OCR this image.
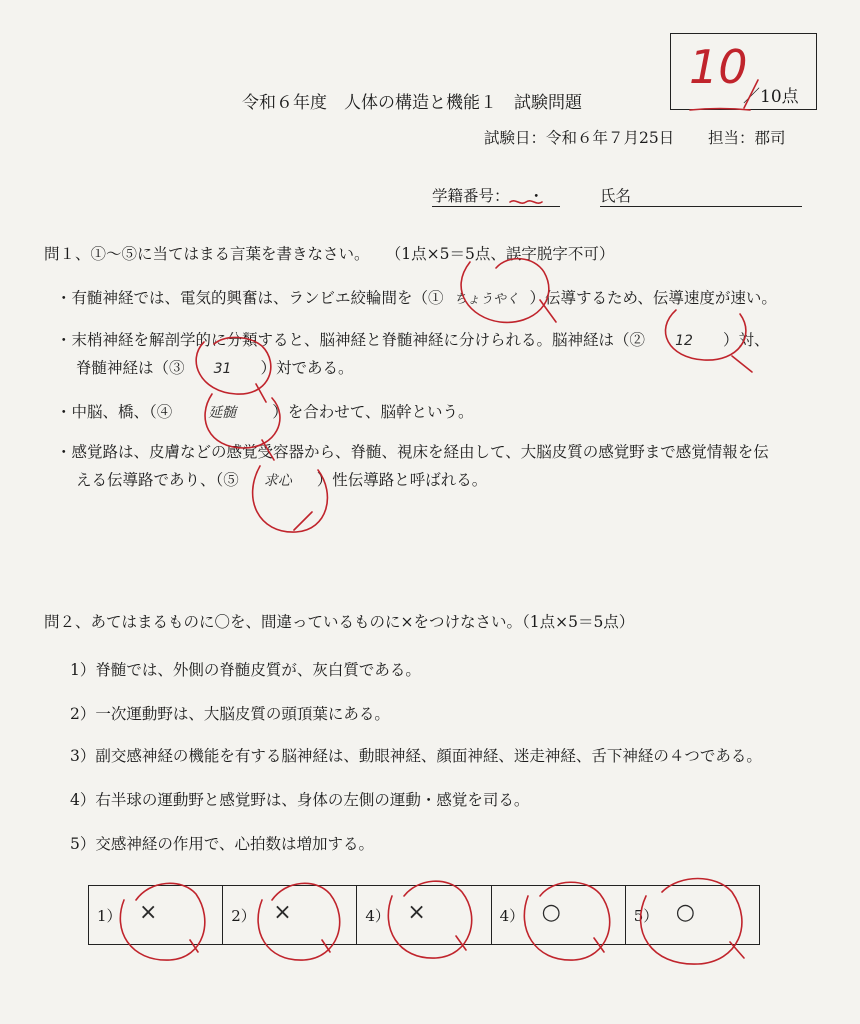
10
／10点
令和６年度　人体の構造と機能１　試験問題
試験日：令和６年７月25日 担当：郡司
学籍番号： ・	氏名
問１、①～⑤に当てはまる言葉を書きなさい。 （1点×5＝5点、誤字脱字不可）
・有髄神経では、電気的興奮は、ランビエ絞輪間を（① ちょうやく ）伝導するため、伝導速度が速い。
・末梢神経を解剖学的に分類すると、脳神経と脊髄神経に分けられる。脳神経は（② 12 ）対、
脊髄神経は（③ 31 ）対である。
・中脳、橋、（④	延髄 ）を合わせて、脳幹という。
・感覚路は、皮膚などの感覚受容器から、脊髄、視床を経由して、大脳皮質の感覚野まで感覚情報を伝
える伝導路であり、（⑤ 求心 ）性伝導路と呼ばれる。
問２、あてはまるものに〇を、間違っているものに×をつけなさい。（1点×5＝5点）
1）脊髄では、外側の脊髄皮質が、灰白質である。
2）一次運動野は、大脳皮質の頭頂葉にある。
3）副交感神経の機能を有する脳神経は、動眼神経、顔面神経、迷走神経、舌下神経の４つである。
4）右半球の運動野と感覚野は、身体の左側の運動・感覚を司る。
5）交感神経の作用で、心拍数は増加する。
1） ×	2） ×	4） ×	4） ○	5） ○
